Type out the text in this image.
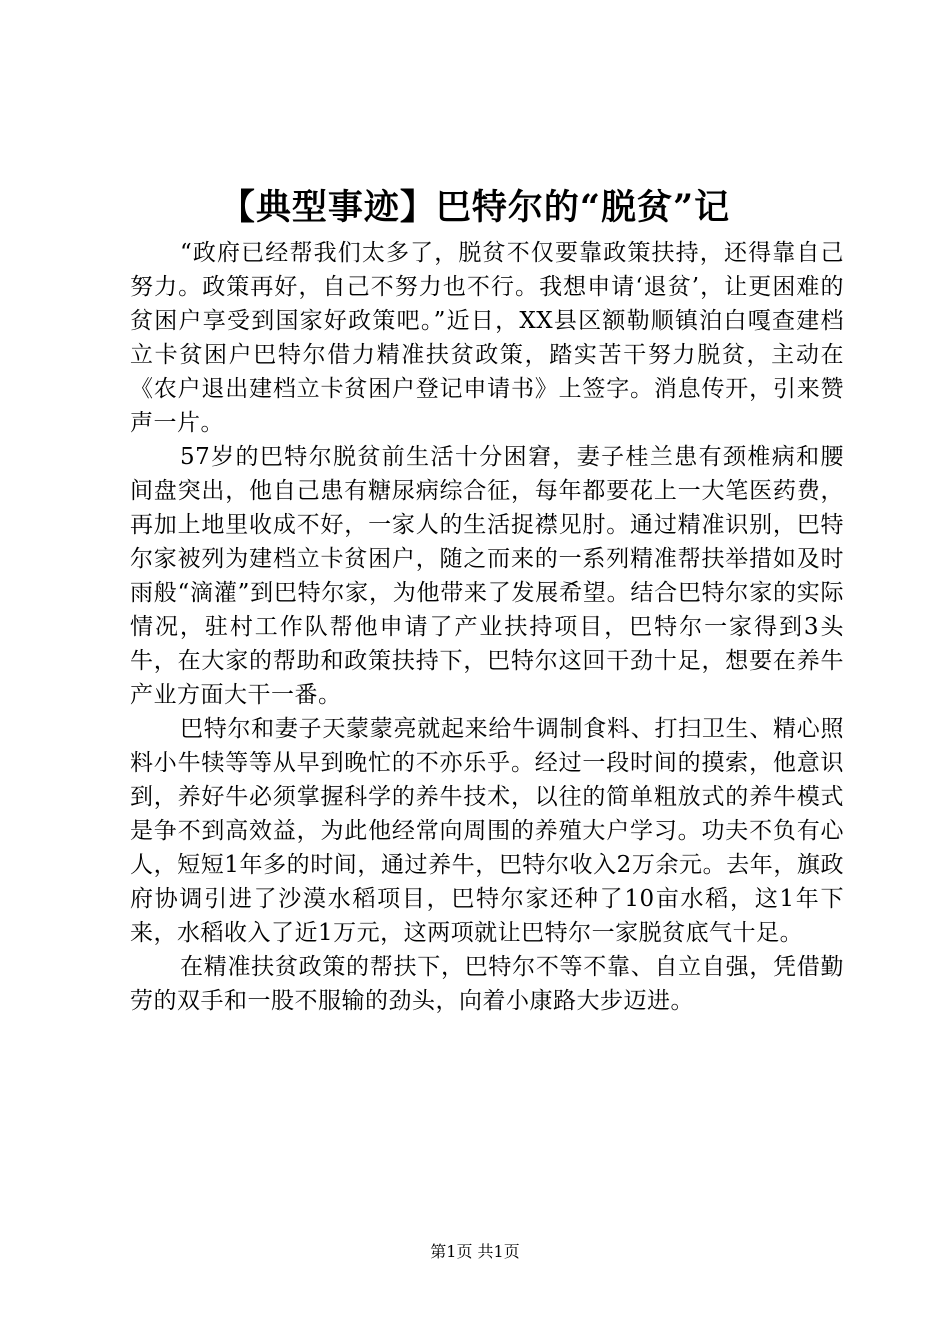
【典型事迹】巴特尔的“脱贫”记

“政府已经帮我们太多了，脱贫不仅要靠政策扶持，还得靠自己努力。政策再好，自己不努力也不行。我想申请‘退贫’，让更困难的贫困户享受到国家好政策吧。”近日，XX县区额勒顺镇泊白嘎查建档立卡贫困户巴特尔借力精准扶贫政策，踏实苦干努力脱贫，主动在《农户退出建档立卡贫困户登记申请书》上签字。消息传开，引来赞声一片。

57岁的巴特尔脱贫前生活十分困窘，妻子桂兰患有颈椎病和腰间盘突出，他自己患有糖尿病综合征，每年都要花上一大笔医药费，再加上地里收成不好，一家人的生活捉襟见肘。通过精准识别，巴特尔家被列为建档立卡贫困户，随之而来的一系列精准帮扶举措如及时雨般“滴灌”到巴特尔家，为他带来了发展希望。结合巴特尔家的实际情况，驻村工作队帮他申请了产业扶持项目，巴特尔一家得到3头牛，在大家的帮助和政策扶持下，巴特尔这回干劲十足，想要在养牛产业方面大干一番。

巴特尔和妻子天蒙蒙亮就起来给牛调制食料、打扫卫生、精心照料小牛犊等等从早到晚忙的不亦乐乎。经过一段时间的摸索，他意识到，养好牛必须掌握科学的养牛技术，以往的简单粗放式的养牛模式是争不到高效益，为此他经常向周围的养殖大户学习。功夫不负有心人，短短1年多的时间，通过养牛，巴特尔收入2万余元。去年，旗政府协调引进了沙漠水稻项目，巴特尔家还种了10亩水稻，这1年下来，水稻收入了近1万元，这两项就让巴特尔一家脱贫底气十足。

在精准扶贫政策的帮扶下，巴特尔不等不靠、自立自强，凭借勤劳的双手和一股不服输的劲头，向着小康路大步迈进。

第1页 共1页
